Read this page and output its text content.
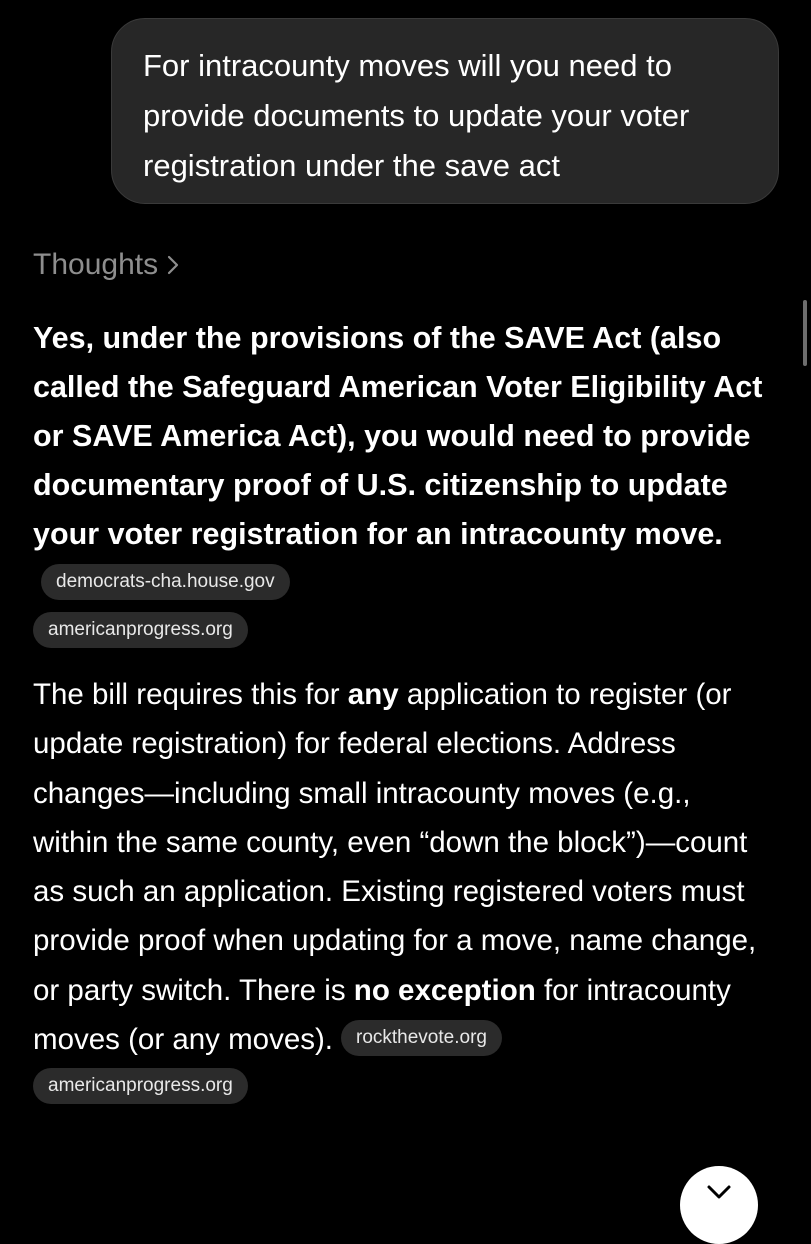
For intracounty moves will you need to provide documents to update your voter registration under the save act

Thoughts

Yes, under the provisions of the SAVE Act (also called the Safeguard American Voter Eligibility Act or SAVE America Act), you would need to provide documentary proof of U.S. citizenship to update your voter registration for an intracounty move.democrats-cha.house.gov

americanprogress.org

The bill requires this for any application to register (or update registration) for federal elections. Address changes—including small intracounty moves (e.g., within the same county, even “down the block”)—count as such an application. Existing registered voters must provide proof when updating for a move, name change, or party switch. There is no exception for intracounty moves (or any moves). rockthevote.org

americanprogress.org
